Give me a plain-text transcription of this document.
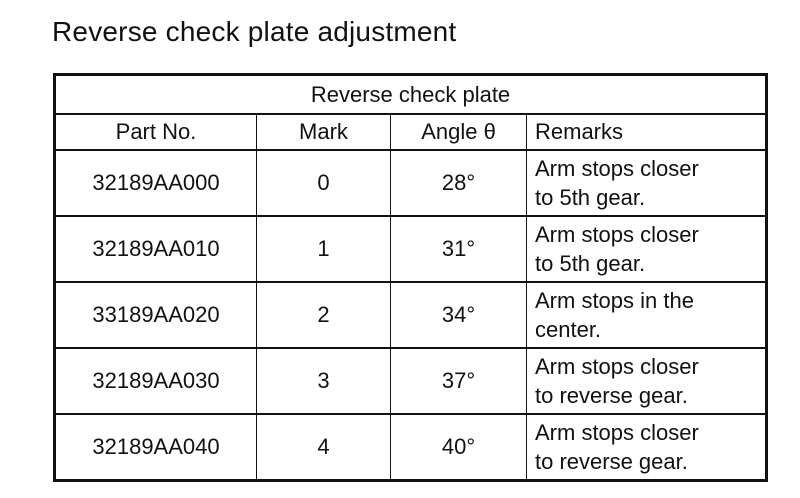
Reverse check plate adjustment
Reverse check plate			
Part No.	Mark	Angle θ	Remarks
32189AA000	0	28°	Arm stops closer
to 5th gear.
32189AA010	1	31°	Arm stops closer
to 5th gear.
33189AA020	2	34°	Arm stops in the
center.
32189AA030	3	37°	Arm stops closer
to reverse gear.
32189AA040	4	40°	Arm stops closer
to reverse gear.
